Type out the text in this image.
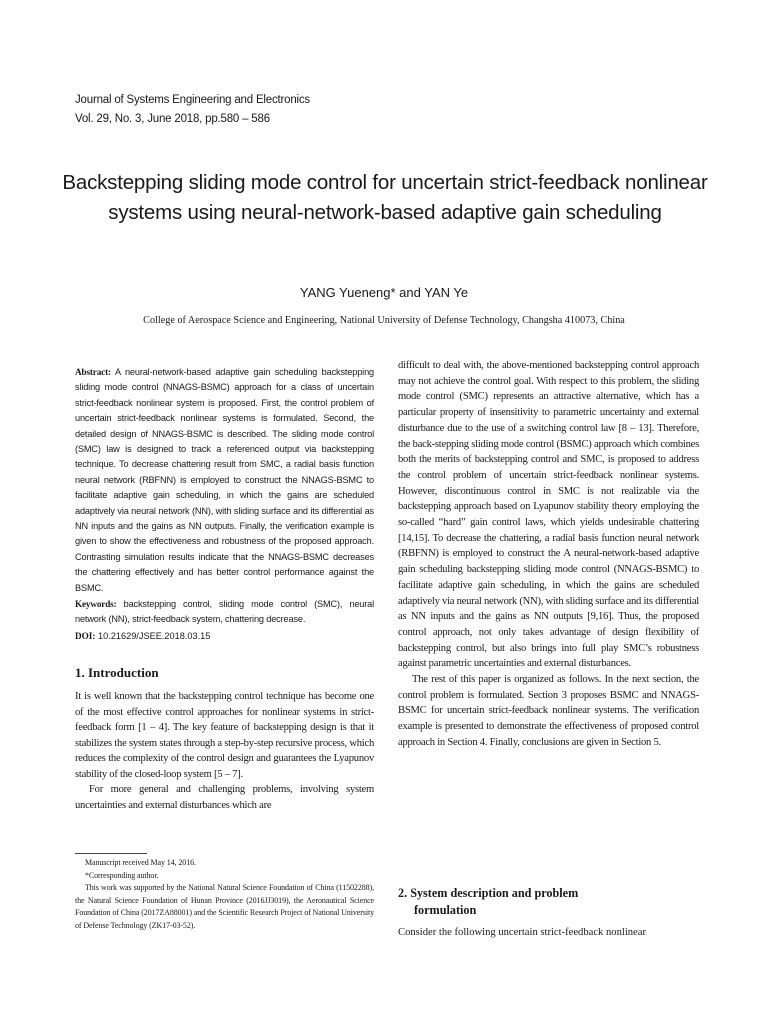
Journal of Systems Engineering and Electronics
Vol. 29, No. 3, June 2018, pp.580 – 586
Backstepping sliding mode control for uncertain strict-feedback nonlinear systems using neural-network-based adaptive gain scheduling
YANG Yueneng* and YAN Ye
College of Aerospace Science and Engineering, National University of Defense Technology, Changsha 410073, China
Abstract: A neural-network-based adaptive gain scheduling backstepping sliding mode control (NNAGS-BSMC) approach for a class of uncertain strict-feedback nonlinear system is proposed. First, the control problem of uncertain strict-feedback nonlinear systems is formulated. Second, the detailed design of NNAGS-BSMC is described. The sliding mode control (SMC) law is designed to track a referenced output via backstepping technique. To decrease chattering result from SMC, a radial basis function neural network (RBFNN) is employed to construct the NNAGS-BSMC to facilitate adaptive gain scheduling, in which the gains are scheduled adaptively via neural network (NN), with sliding surface and its differential as NN inputs and the gains as NN outputs. Finally, the verification example is given to show the effectiveness and robustness of the proposed approach. Contrasting simulation results indicate that the NNAGS-BSMC decreases the chattering effectively and has better control performance against the BSMC.
Keywords: backstepping control, sliding mode control (SMC), neural network (NN), strict-feedback system, chattering decrease.
DOI: 10.21629/JSEE.2018.03.15
1. Introduction

It is well known that the backstepping control technique has become one of the most effective control approaches for nonlinear systems in strict-feedback form [1 – 4]. The key feature of backstepping design is that it stabilizes the system states through a step-by-step recursive process, which reduces the complexity of the control design and guarantees the Lyapunov stability of the closed-loop system [5 – 7].

For more general and challenging problems, involving system uncertainties and external disturbances which are

Manuscript received May 14, 2016.

*Corresponding author.

This work was supported by the National Natural Science Foundation of China (11502288), the Natural Science Foundation of Hunan Province (2016JJ3019), the Aeronautical Science Foundation of China (2017ZA88001) and the Scientific Research Project of National University of Defense Technology (ZK17-03-52).

difficult to deal with, the above-mentioned backstepping control approach may not achieve the control goal. With respect to this problem, the sliding mode control (SMC) represents an attractive alternative, which has a particular property of insensitivity to parametric uncertainty and external disturbance due to the use of a switching control law [8 – 13]. Therefore, the back-stepping sliding mode control (BSMC) approach which combines both the merits of backstepping control and SMC, is proposed to address the control problem of uncertain strict-feedback nonlinear systems. However, discontinuous control in SMC is not realizable via the backstepping approach based on Lyapunov stability theory employing the so-called “hard” gain control laws, which yields undesirable chattering [14,15]. To decrease the chattering, a radial basis function neural network (RBFNN) is employed to construct the A neural-network-based adaptive gain scheduling backstepping sliding mode control (NNAGS-BSMC) to facilitate adaptive gain scheduling, in which the gains are scheduled adaptively via neural network (NN), with sliding surface and its differential as NN inputs and the gains as NN outputs [9,16]. Thus, the proposed control approach, not only takes advantage of design flexibility of backstepping control, but also brings into full play SMC’s robustness against parametric uncertainties and external disturbances.

The rest of this paper is organized as follows. In the next section, the control problem is formulated. Section 3 proposes BSMC and NNAGS-BSMC for uncertain strict-feedback nonlinear systems. The verification example is presented to demonstrate the effectiveness of proposed control approach in Section 4. Finally, conclusions are given in Section 5.

2. System description and problem
formulation
Consider the following uncertain strict-feedback nonlinear
